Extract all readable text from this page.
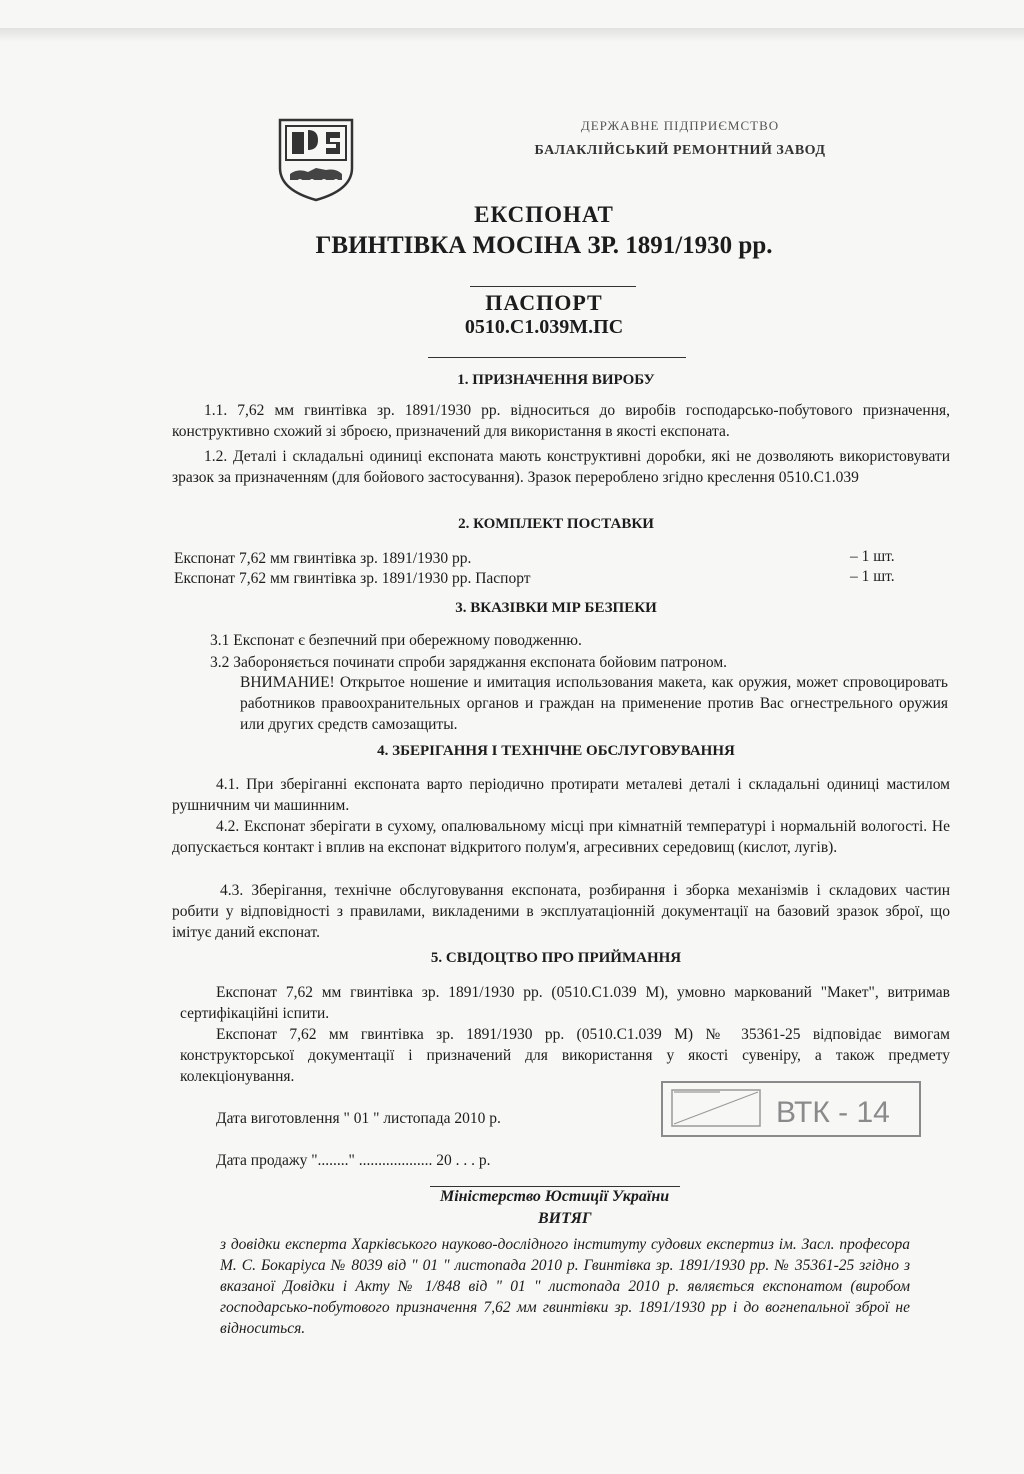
ДЕРЖАВНЕ ПІДПРИЄМСТВО
БАЛАКЛІЙСЬКИЙ РЕМОНТНИЙ ЗАВОД
ЕКСПОНАТ
ГВИНТІВКА МОСІНА ЗР. 1891/1930 рр.
ПАСПОРТ
0510.С1.039М.ПС
1. ПРИЗНАЧЕННЯ ВИРОБУ
1.1. 7,62 мм гвинтівка зр. 1891/1930 рр. відноситься до виробів господарсько-побутового призначення, конструктивно схожий зі зброєю, призначений для використання в якості експоната.
1.2. Деталі і складальні одиниці експоната мають конструктивні доробки, які не дозволяють використовувати зразок за призначенням (для бойового застосування). Зразок перероблено згідно креслення 0510.С1.039
2. КОМПЛЕКТ ПОСТАВКИ
Експонат 7,62 мм гвинтівка зр. 1891/1930 рр.	– 1 шт.
Експонат 7,62 мм гвинтівка зр. 1891/1930 рр. Паспорт	– 1 шт.
3. ВКАЗІВКИ МІР БЕЗПЕКИ
3.1 Експонат є безпечний при обережному поводженню.
3.2 Забороняється починати спроби заряджання експоната бойовим патроном.
ВНИМАНИЕ! Открытое ношение и имитация использования макета, как оружия, может спровоцировать работников правоохранительных органов и граждан на применение против Вас огнестрельного оружия или других средств самозащиты.
4. ЗБЕРІГАННЯ І ТЕХНІЧНЕ ОБСЛУГОВУВАННЯ
4.1. При зберіганні експоната варто періодично протирати металеві деталі і складальні одиниці мастилом рушничним чи машинним.
4.2. Експонат зберігати в сухому, опалювальному місці при кімнатній температурі і нормальній вологості. Не допускається контакт і вплив на експонат відкритого полум'я, агресивних середовищ (кислот, лугів).
4.3. Зберігання, технічне обслуговування експоната, розбирання і зборка механізмів і складових частин робити у відповідності з правилами, викладеними в эксплуатаціонній документації на базовий зразок зброї, що імітує даний експонат.
5. СВІДОЦТВО ПРО ПРИЙМАННЯ
Експонат 7,62 мм гвинтівка зр. 1891/1930 рр. (0510.С1.039 М), умовно маркований "Макет", витримав сертифікаційні іспити.
Експонат 7,62 мм гвинтівка зр. 1891/1930 рр. (0510.С1.039 М) № 35361-25 відповідає вимогам конструкторської документації і призначений для використання у якості сувеніру, а також предмету колекціонування.
Дата виготовлення " 01 " листопада 2010 р.
Дата продажу "........" ................... 20 . . . р.
ВТК - 14
Міністерство Юстиції України
ВИТЯГ
з довідки експерта Харківського науково-дослідного інституту судових експертиз ім. Засл. професора М. С. Бокаріуса № 8039 від " 01 " листопада 2010 р. Гвинтівка зр. 1891/1930 рр. № 35361-25 згідно з вказаної Довідки і Акту № 1/848 від " 01 " листопада 2010 р. являється експонатом (виробом господарсько-побутового призначення 7,62 мм гвинтівки зр. 1891/1930 рр і до вогнепальної зброї не відноситься.
